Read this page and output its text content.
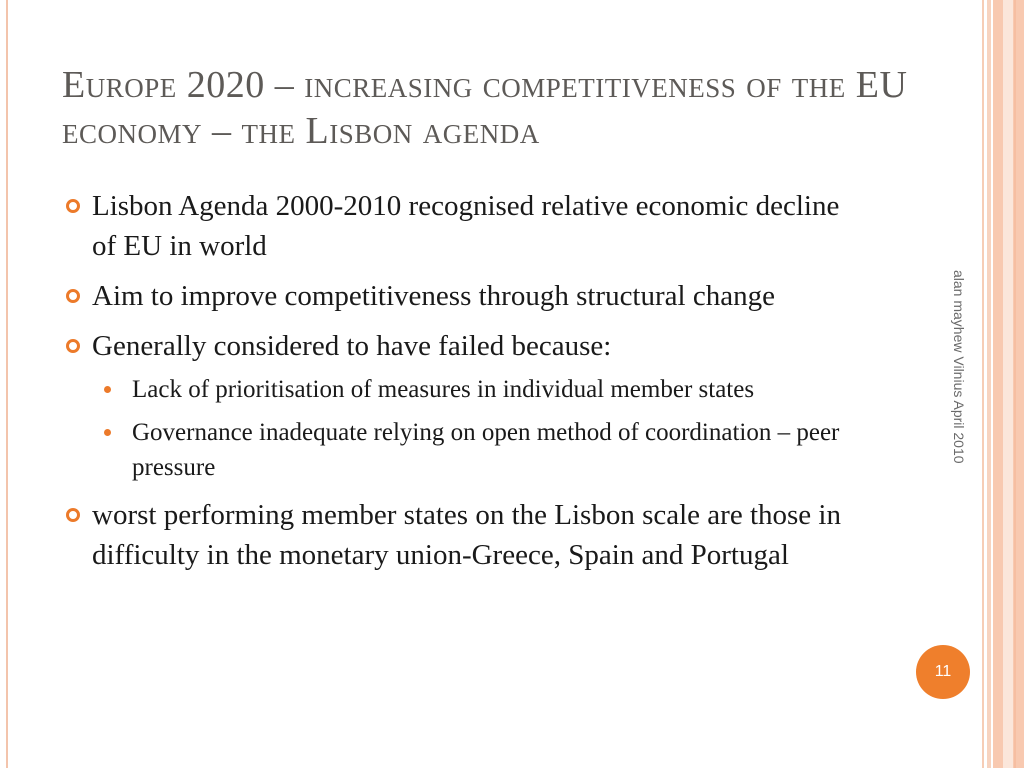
Europe 2020 – increasing competitiveness of the EU economy – the Lisbon agenda
Lisbon Agenda 2000-2010 recognised relative economic decline of EU in world
Aim to improve competitiveness through structural change
Generally considered to have failed because:
Lack of prioritisation of measures in individual member states
Governance inadequate relying on open method of coordination – peer pressure
worst performing member states on the Lisbon scale are those in difficulty in the monetary union-Greece, Spain and Portugal
alan mayhew Vilnius April 2010
11
